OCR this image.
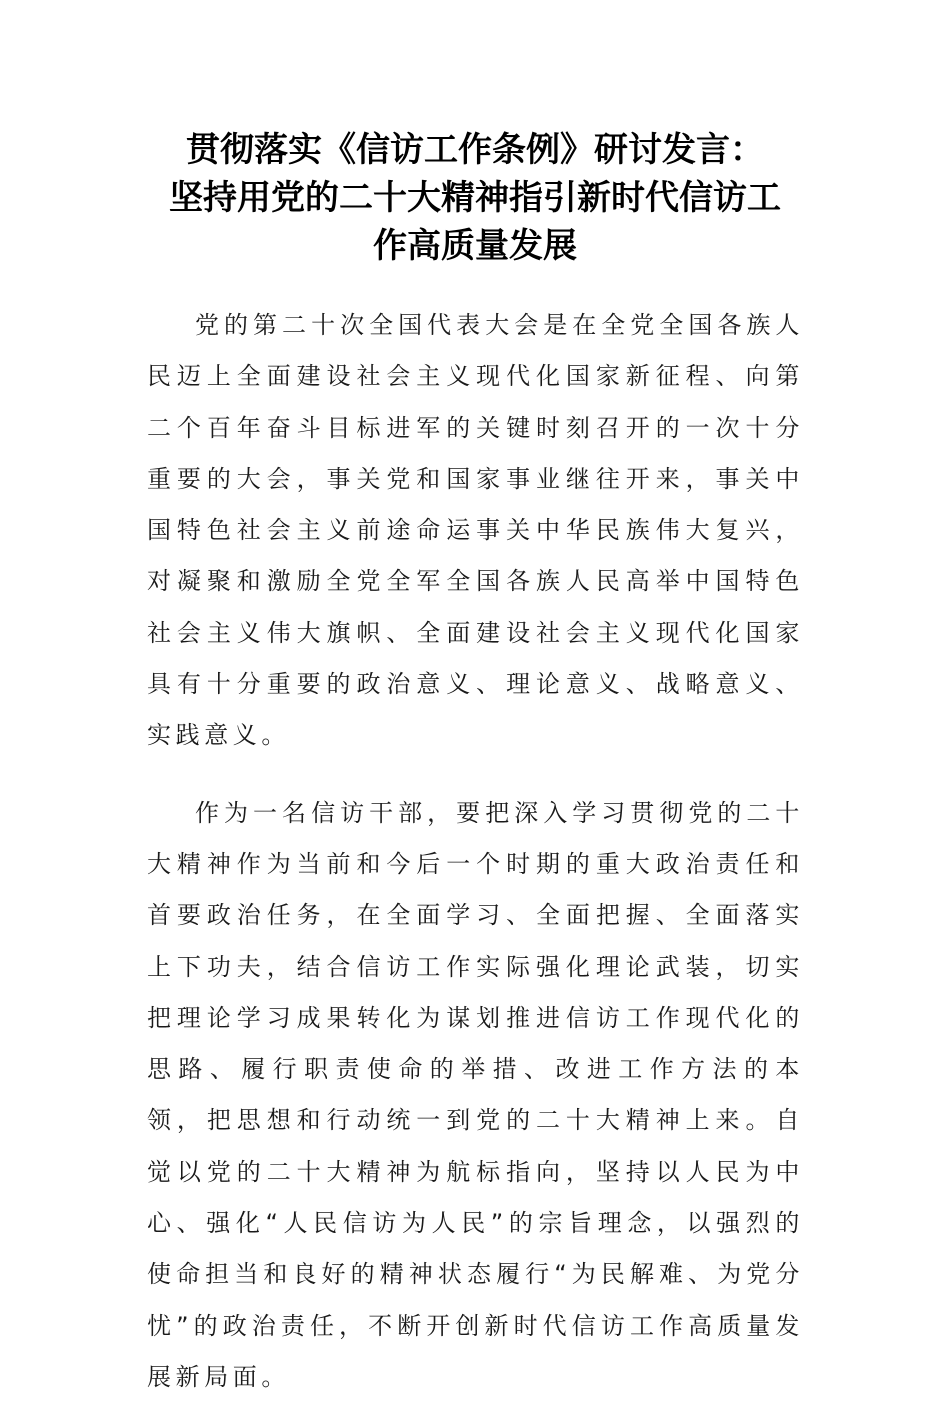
贯彻落实《信访工作条例》研讨发言：
坚持用党的二十大精神指引新时代信访工
作高质量发展

党的第二十次全国代表大会是在全党全国各族人民迈上全面建设社会主义现代化国家新征程、向第二个百年奋斗目标进军的关键时刻召开的一次十分重要的大会，事关党和国家事业继往开来，事关中国特色社会主义前途命运事关中华民族伟大复兴，对凝聚和激励全党全军全国各族人民高举中国特色社会主义伟大旗帜、全面建设社会主义现代化国家具有十分重要的政治意义、理论意义、战略意义、实践意义。

作为一名信访干部，要把深入学习贯彻党的二十大精神作为当前和今后一个时期的重大政治责任和首要政治任务，在全面学习、全面把握、全面落实上下功夫，结合信访工作实际强化理论武装，切实把理论学习成果转化为谋划推进信访工作现代化的思路、履行职责使命的举措、改进工作方法的本领，把思想和行动统一到党的二十大精神上来。自觉以党的二十大精神为航标指向，坚持以人民为中心、强化“人民信访为人民”的宗旨理念，以强烈的使命担当和良好的精神状态履行“为民解难、为党分忧”的政治责任，不断开创新时代信访工作高质量发展新局面。
